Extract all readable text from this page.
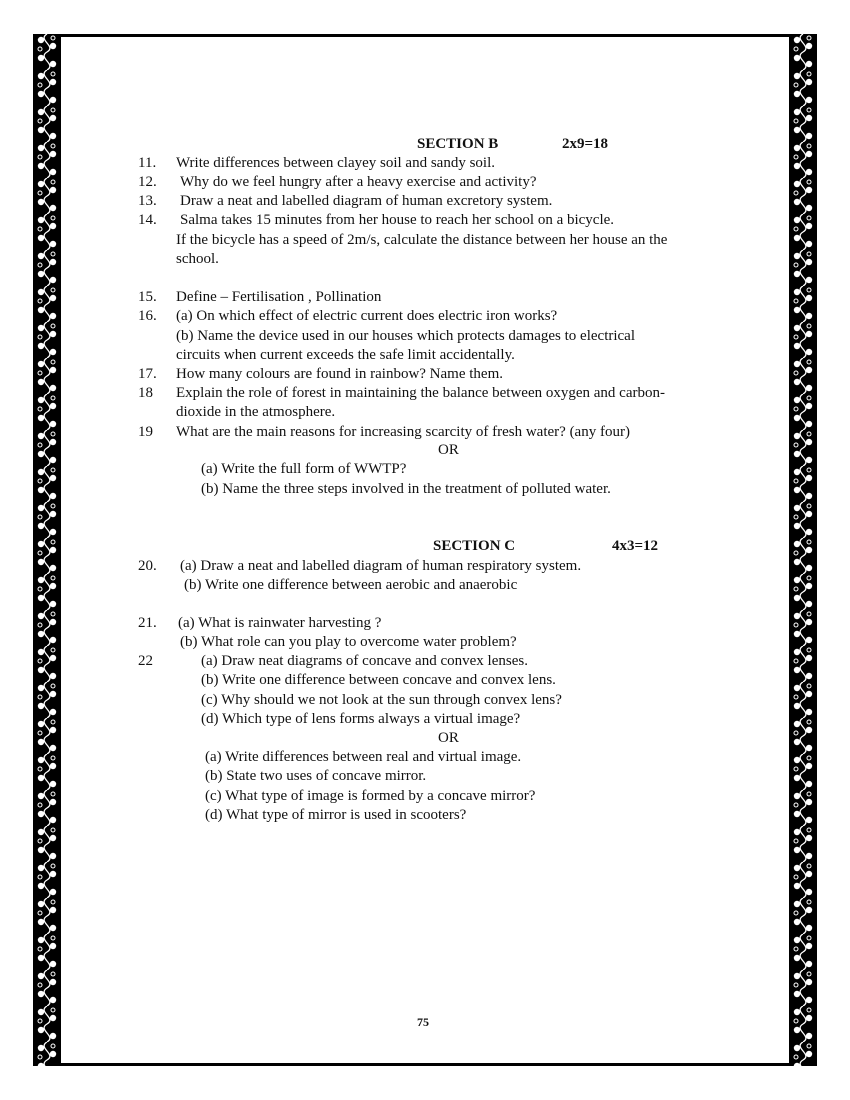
SECTION B	2x9=18
11. Write differences between clayey soil and sandy soil.
12. Why do we feel hungry after a heavy exercise and activity?
13. Draw a neat and labelled diagram of human excretory system.
14. Salma takes 15 minutes from her house to reach her school on a bicycle.
If the bicycle has a speed of 2m/s, calculate the distance between her house an the
school.
15. Define – Fertilisation , Pollination
16. (a) On which effect of electric current does electric iron works?
(b) Name the device used in our houses which protects damages to electrical
circuits when current exceeds the safe limit accidentally.
17. How many colours are found in rainbow? Name them.
18 Explain the role of forest in maintaining the balance between oxygen and carbon-
dioxide in the atmosphere.
19 What are the main reasons for increasing scarcity of fresh water? (any four)
OR
(a) Write the full form of WWTP?
(b) Name the three steps involved in the treatment of polluted water.
SECTION C	4x3=12
20. (a) Draw a neat and labelled diagram of human respiratory system.
(b) Write one difference between aerobic and anaerobic
21. (a) What is rainwater harvesting ?
(b) What role can you play to overcome water problem?
22	(a) Draw neat diagrams of concave and convex lenses.
(b) Write one difference between concave and convex lens.
(c) Why should we not look at the sun through convex lens?
(d) Which type of lens forms always a virtual image?
OR
(a) Write differences between real and virtual image.
(b) State two uses of concave mirror.
(c) What type of image is formed by a concave mirror?
(d) What type of mirror is used in scooters?
75
